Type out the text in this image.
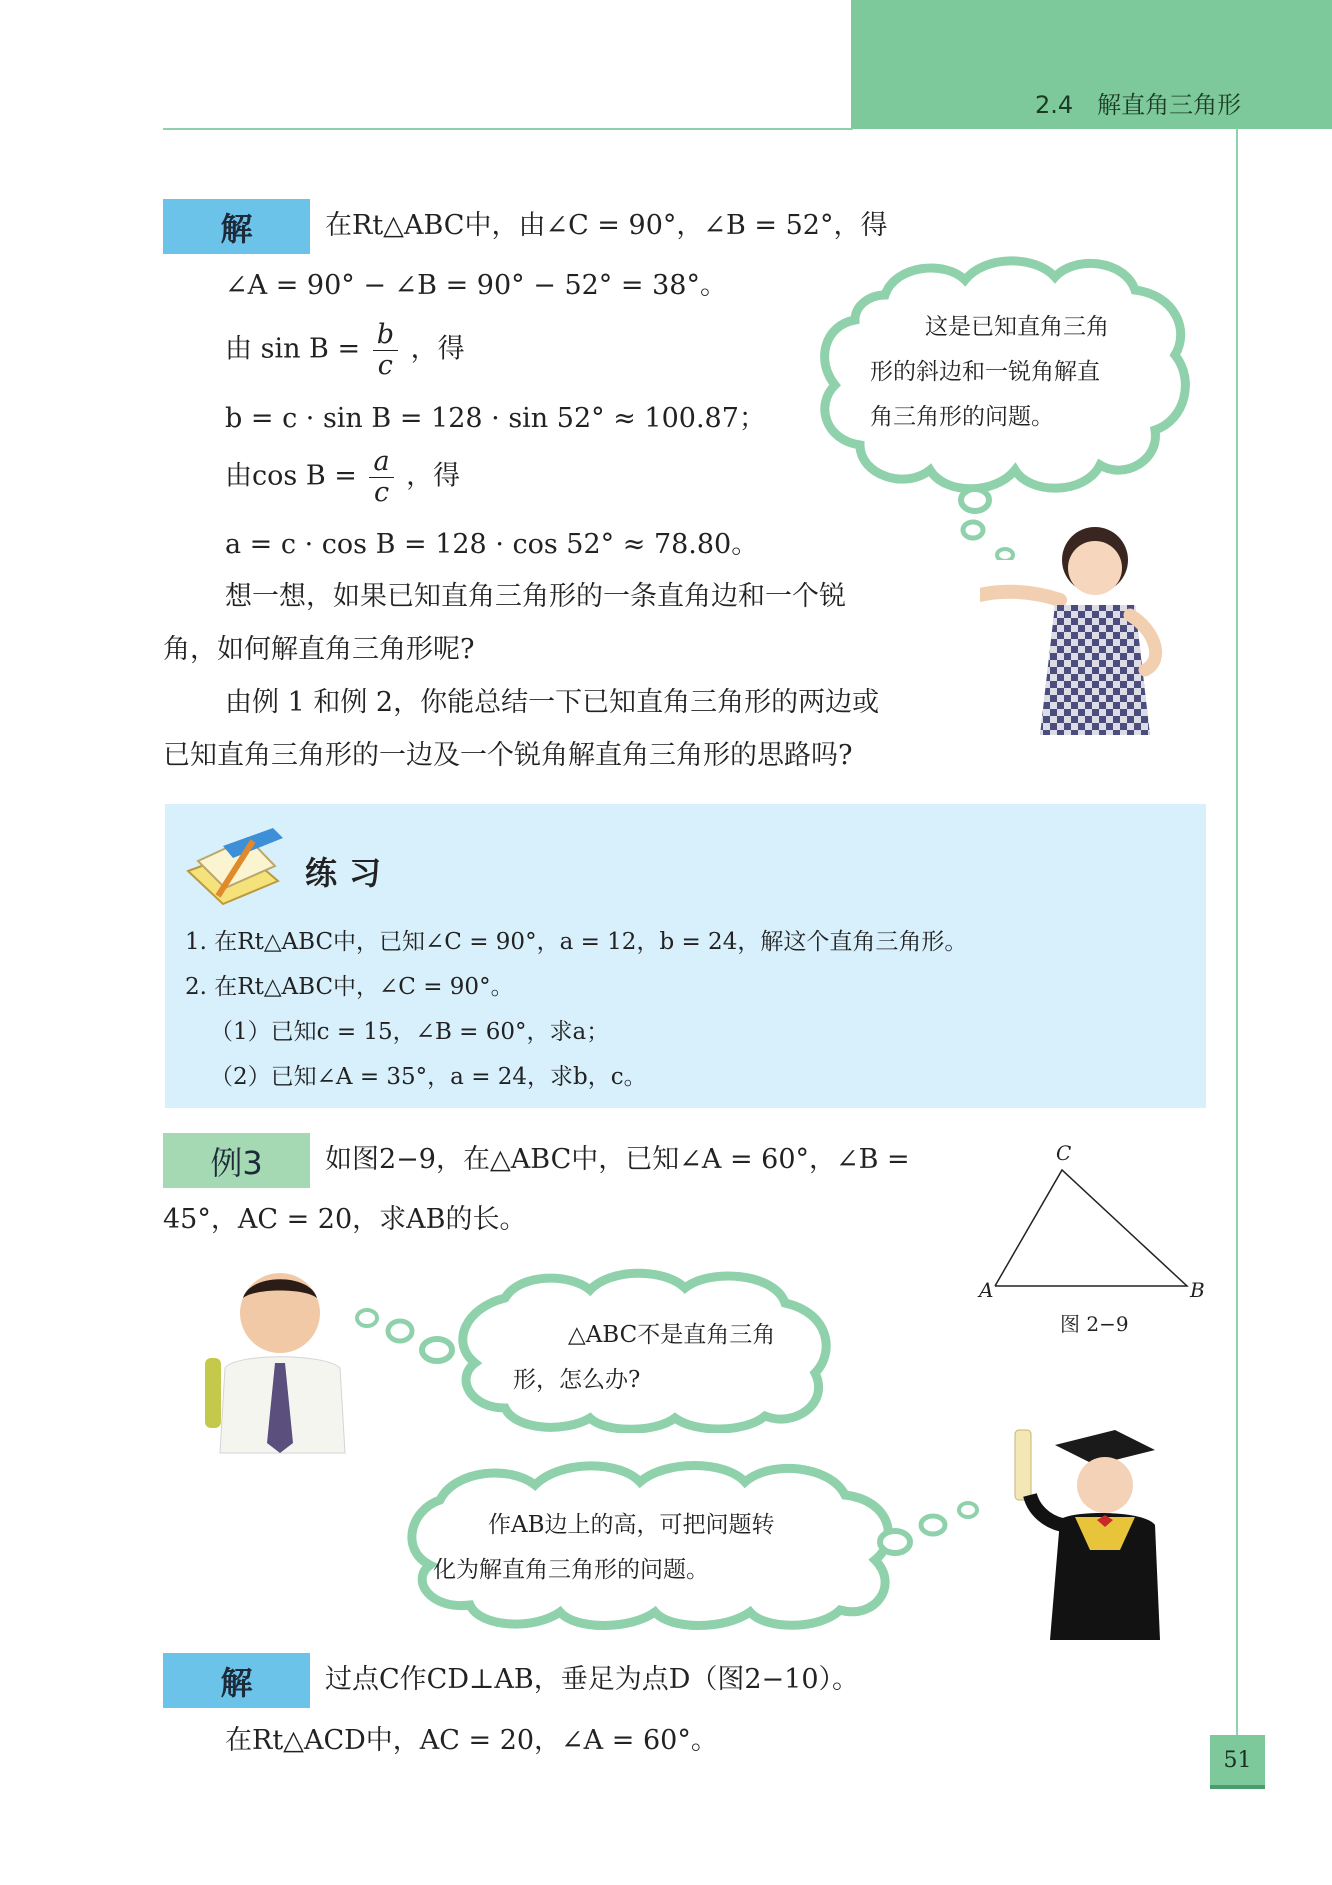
2.4　解直角三角形
解	在Rt△ABC中，由∠C = 90°，∠B = 52°，得
∠A = 90° − ∠B = 90° − 52° = 38°。
由 $\sin B = \frac{b}{c}$ ，得
b = c · sin B = 128 · sin 52° ≈ 100.87；
由$\cos B = \frac{a}{c}$ ，得
a = c · cos B = 128 · cos 52° ≈ 78.80。
想一想，如果已知直角三角形的一条直角边和一个锐
角，如何解直角三角形呢?
由例 1 和例 2，你能总结一下已知直角三角形的两边或
已知直角三角形的一边及一个锐角解直角三角形的思路吗?
这是已知直角三角
形的斜边和一锐角解直
角三角形的问题。
练习
1. 在Rt△ABC中，已知∠C = 90°，a = 12，b = 24，解这个直角三角形。
2. 在Rt△ABC中，∠C = 90°。
（1）已知c = 15，∠B = 60°，求a；
（2）已知∠A = 35°，a = 24，求b，c。
例3	如图2−9，在△ABC中，已知∠A = 60°，∠B =
45°，AC = 20，求AB的长。
C
A	B
图 2−9
△ABC不是直角三角
形，怎么办?
作AB边上的高，可把问题转
化为解直角三角形的问题。
解	过点C作CD⊥AB，垂足为点D（图2−10）。
在Rt△ACD中，AC = 20，∠A = 60°。
51
